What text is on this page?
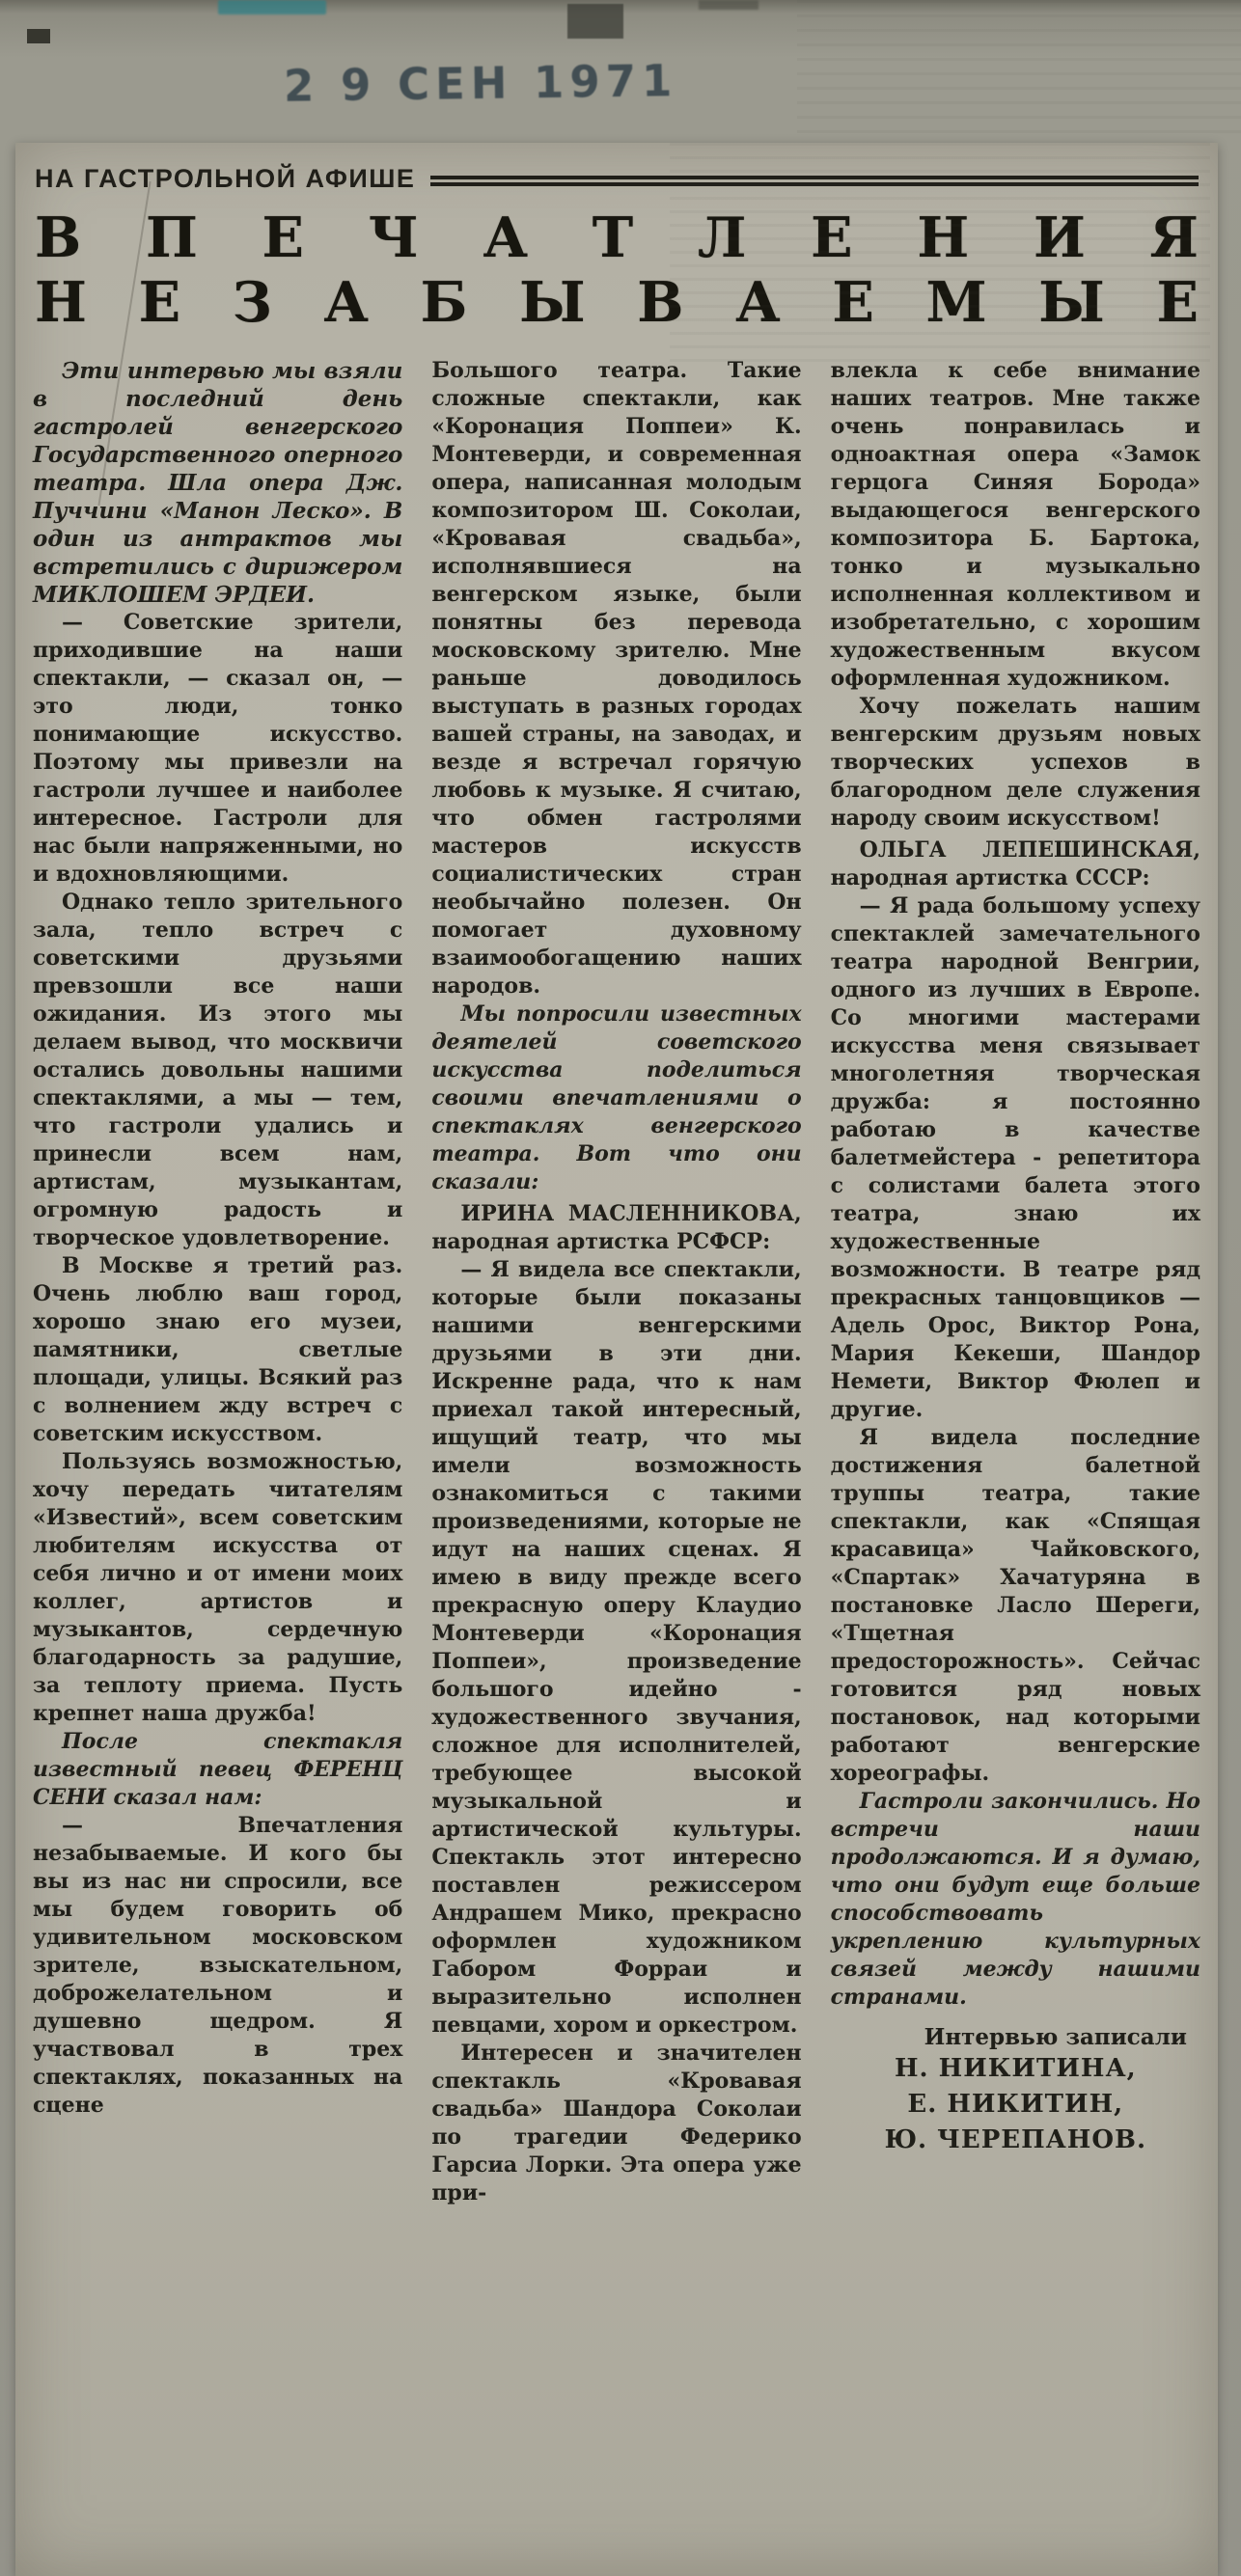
2 9 СЕН 1971
НА ГАСТРОЛЬНОЙ АФИШЕ
В П Е Ч А Т Л Е Н И Я
Н Е З А Б Ы В А Е М Ы Е

Эти интервью мы взяли в последний день гастролей венгерского Государственного оперного театра. Шла опера Дж. Пуччини «Манон Леско». В один из антрактов мы встретились с дирижером МИКЛОШЕМ ЭРДЕИ.

— Советские зрители, приходившие на наши спектакли, — сказал он, — это люди, тонко понимающие искусство. Поэтому мы привезли на гастроли лучшее и наиболее интересное. Гастроли для нас были напряженными, но и вдохновляющими.

Однако тепло зрительного зала, тепло встреч с советскими друзьями превзошли все наши ожидания. Из этого мы делаем вывод, что москвичи остались довольны нашими спектаклями, а мы — тем, что гастроли удались и принесли всем нам, артистам, музыкантам, огромную радость и творческое удовлетворение.

В Москве я третий раз. Очень люблю ваш город, хорошо знаю его музеи, памятники, светлые площади, улицы. Всякий раз с волнением жду встреч с советским искусством.

Пользуясь возможностью, хочу передать читателям «Известий», всем советским любителям искусства от себя лично и от имени моих коллег, артистов и музыкантов, сердечную благодарность за радушие, за теплоту приема. Пусть крепнет наша дружба!

После спектакля известный певец ФЕРЕНЦ СЕНИ сказал нам:

— Впечатления незабываемые. И кого бы вы из нас ни спросили, все мы будем говорить об удивительном московском зрителе, взыскательном, доброжелательном и душевно щедром. Я участвовал в трех спектаклях, показанных на сцене

Большого театра. Такие сложные спектакли, как «Коронация Поппеи» К. Монтеверди, и современная опера, написанная молодым композитором Ш. Соколаи, «Кровавая свадьба», исполнявшиеся на венгерском языке, были понятны без перевода московскому зрителю. Мне раньше доводилось выступать в разных городах вашей страны, на заводах, и везде я встречал горячую любовь к музыке. Я считаю, что обмен гастролями мастеров искусств социалистических стран необычайно полезен. Он помогает духовному взаимообогащению наших народов.

Мы попросили известных деятелей советского искусства поделиться своими впечатлениями о спектаклях венгерского театра. Вот что они сказали:

ИРИНА МАСЛЕННИКОВА, народная артистка РСФСР:

— Я видела все спектакли, которые были показаны нашими венгерскими друзьями в эти дни. Искренне рада, что к нам приехал такой интересный, ищущий театр, что мы имели возможность ознакомиться с такими произведениями, которые не идут на наших сценах. Я имею в виду прежде всего прекрасную оперу Клаудио Монтеверди «Коронация Поппеи», произведение большого идейно - художественного звучания, сложное для исполнителей, требующее высокой музыкальной и артистической культуры. Спектакль этот интересно поставлен режиссером Андрашем Мико, прекрасно оформлен художником Габором Форраи и выразительно исполнен певцами, хором и оркестром.

Интересен и значителен спектакль «Кровавая свадьба» Шандора Соколаи по трагедии Федерико Гарсиа Лорки. Эта опера уже при-

влекла к себе внимание наших театров. Мне также очень понравилась и одноактная опера «Замок герцога Синяя Борода» выдающегося венгерского композитора Б. Бартока, тонко и музыкально исполненная коллективом и изобретательно, с хорошим художественным вкусом оформленная художником.

Хочу пожелать нашим венгерским друзьям новых творческих успехов в благородном деле служения народу своим искусством!

ОЛЬГА ЛЕПЕШИНСКАЯ, народная артистка СССР:

— Я рада большому успеху спектаклей замечательного театра народной Венгрии, одного из лучших в Европе. Со многими мастерами искусства меня связывает многолетняя творческая дружба: я постоянно работаю в качестве балетмейстера - репетитора с солистами балета этого театра, знаю их художественные возможности. В театре ряд прекрасных танцовщиков — Адель Орос, Виктор Рона, Мария Кекеши, Шандор Немети, Виктор Фюлеп и другие.

Я видела последние достижения балетной труппы театра, такие спектакли, как «Спящая красавица» Чайковского, «Спартак» Хачатуряна в постановке Ласло Шереги, «Тщетная предосторожность». Сейчас готовится ряд новых постановок, над которыми работают венгерские хореографы.

Гастроли закончились. Но встречи наши продолжаются. И я думаю, что они будут еще больше способствовать укреплению культурных связей между нашими странами.

Интервью записали
Н. НИКИТИНА,
Е. НИКИТИН,
Ю. ЧЕРЕПАНОВ.
